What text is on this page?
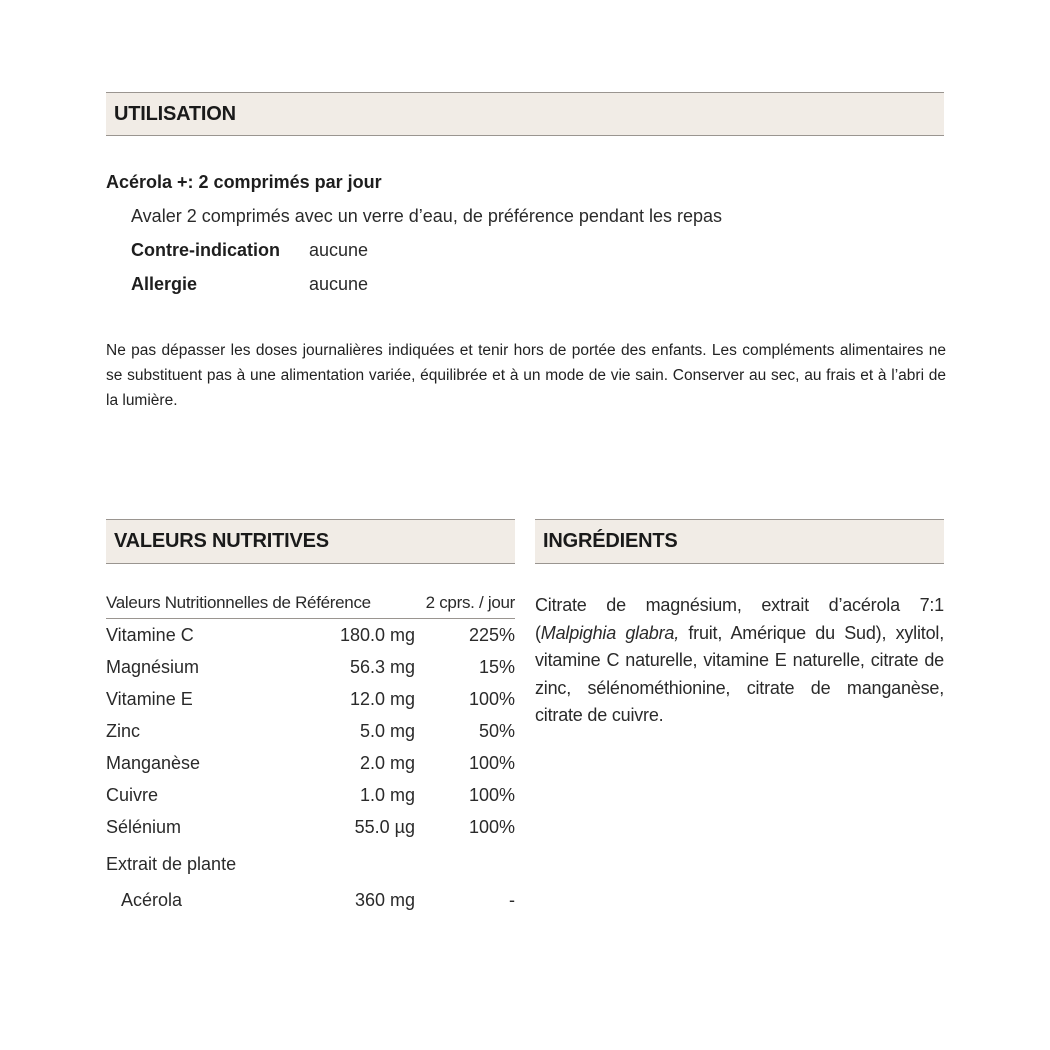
UTILISATION
Acérola +: 2 comprimés par jour
Avaler 2 comprimés avec un verre d’eau, de préférence pendant les repas
Contre-indication aucune
Allergie	aucune
Ne pas dépasser les doses journalières indiquées et tenir hors de portée des enfants. Les compléments alimentaires ne se substituent pas à une alimentation variée, équilibrée et à un mode de vie sain. Conserver au sec, au frais et à l’abri de la lumière.
VALEURS NUTRITIVES
Valeurs Nutritionnelles de Référence	2 cprs. / jour
Vitamine C	180.0 mg	225%
Magnésium	56.3 mg	15%
Vitamine E	12.0 mg	100%
Zinc	5.0 mg	50%
Manganèse	2.0 mg	100%
Cuivre	1.0 mg	100%
Sélénium	55.0 µg	100%
Extrait de plante
Acérola	360 mg	-
INGRÉDIENTS
Citrate de magnésium, extrait d’acérola 7:1 (Malpighia glabra, fruit, Amérique du Sud), xylitol, vitamine C naturelle, vitamine E naturelle, citrate de zinc, sélénométhionine, citrate de manganèse, citrate de cuivre.
